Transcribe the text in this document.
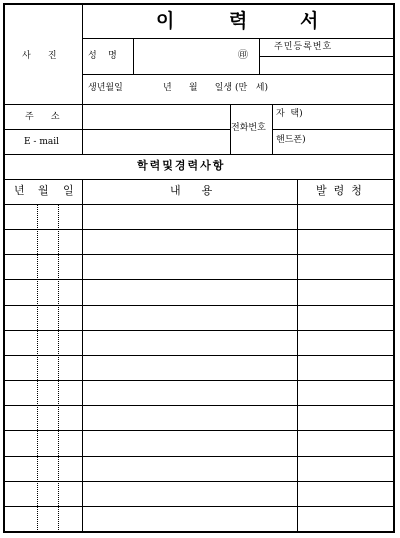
이	력	서
사      진	성    명	㊞
주민등록번호
생년월일	년      월      일생 (만   세)
주      소
E - mail
전화번호
자  택)
핸드폰)
학력및경력사항
년 월 일	내      용	발  령  청
